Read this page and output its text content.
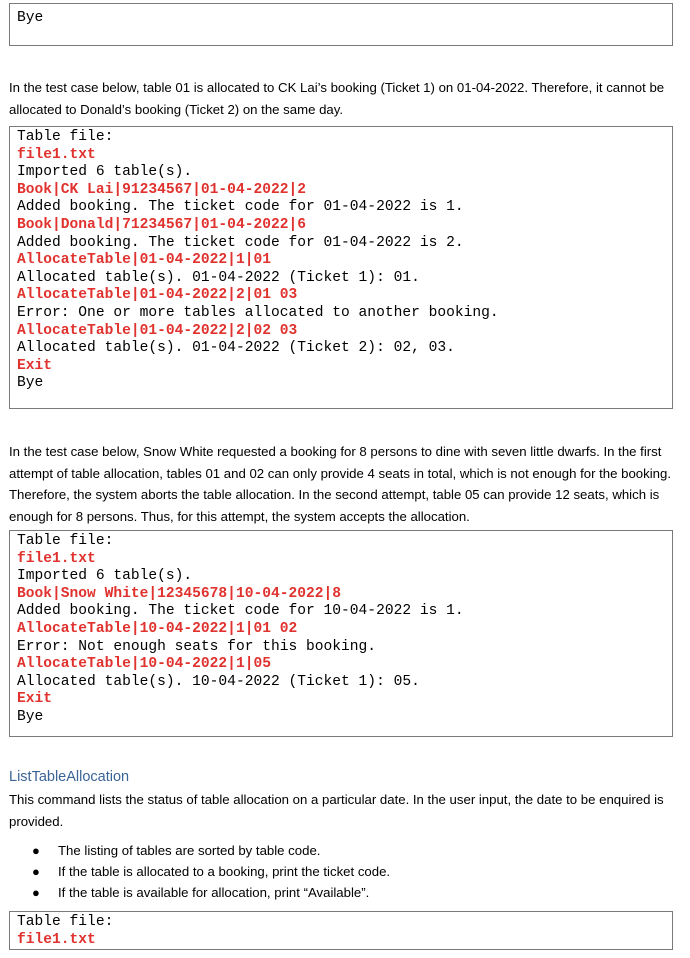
Bye

In the test case below, table 01 is allocated to CK Lai’s booking (Ticket 1) on 01-04-2022. Therefore, it cannot be allocated to Donald’s booking (Ticket 2) on the same day.

Table file:
file1.txt
Imported 6 table(s).
Book|CK Lai|91234567|01-04-2022|2
Added booking. The ticket code for 01-04-2022 is 1.
Book|Donald|71234567|01-04-2022|6
Added booking. The ticket code for 01-04-2022 is 2.
AllocateTable|01-04-2022|1|01
Allocated table(s). 01-04-2022 (Ticket 1): 01.
AllocateTable|01-04-2022|2|01 03
Error: One or more tables allocated to another booking.
AllocateTable|01-04-2022|2|02 03
Allocated table(s). 01-04-2022 (Ticket 2): 02, 03.
Exit
Bye

In the test case below, Snow White requested a booking for 8 persons to dine with seven little dwarfs. In the first attempt of table allocation, tables 01 and 02 can only provide 4 seats in total, which is not enough for the booking. Therefore, the system aborts the table allocation. In the second attempt, table 05 can provide 12 seats, which is enough for 8 persons. Thus, for this attempt, the system accepts the allocation.

Table file:
file1.txt
Imported 6 table(s).
Book|Snow White|12345678|10-04-2022|8
Added booking. The ticket code for 10-04-2022 is 1.
AllocateTable|10-04-2022|1|01 02
Error: Not enough seats for this booking.
AllocateTable|10-04-2022|1|05
Allocated table(s). 10-04-2022 (Ticket 1): 05.
Exit
Bye
ListTableAllocation

This command lists the status of table allocation on a particular date. In the user input, the date to be enquired is provided.

● The listing of tables are sorted by table code.
● If the table is allocated to a booking, print the ticket code.
● If the table is available for allocation, print “Available”.
Table file:
file1.txt
